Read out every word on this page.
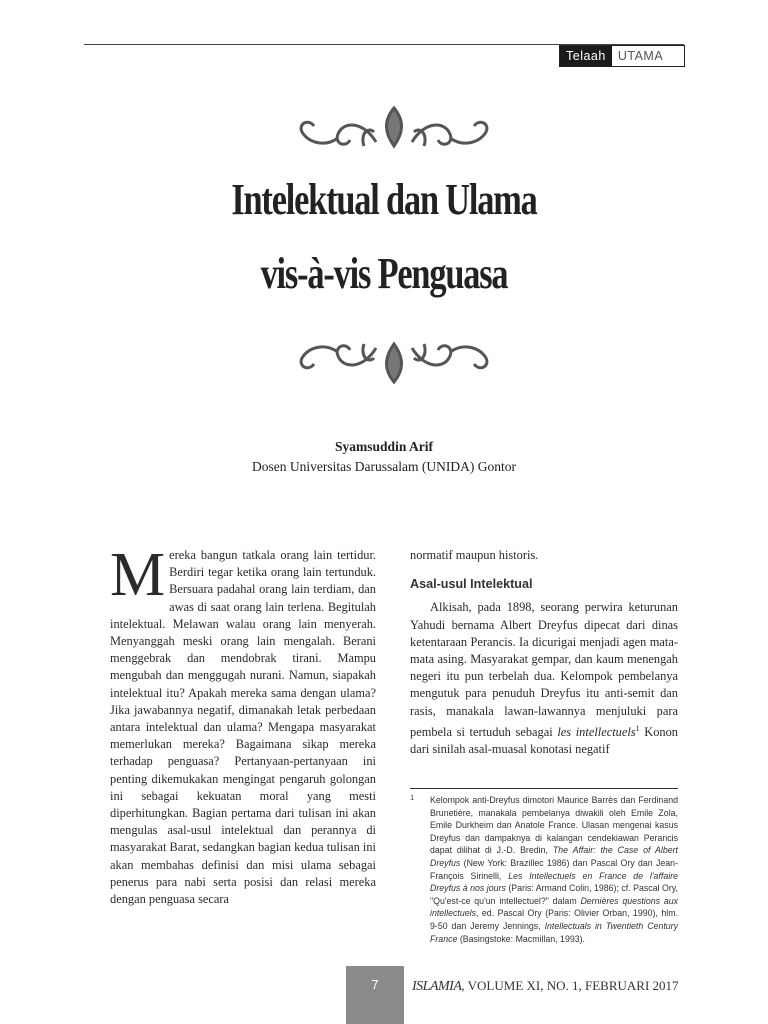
Telaah UTAMA
Intelektual dan Ulama
vis-à-vis Penguasa
Syamsuddin Arif
Dosen Universitas Darussalam (UNIDA) Gontor

Mereka bangun tatkala orang lain tertidur. Berdiri tegar ketika orang lain tertunduk. Bersuara padahal orang lain terdiam, dan awas di saat orang lain terlena. Begitulah intelektual. Melawan walau orang lain menyerah. Menyanggah meski orang lain mengalah. Berani menggebrak dan mendobrak tirani. Mampu mengubah dan menggugah nurani. Namun, siapakah intelektual itu? Apakah mereka sama dengan ulama? Jika jawabannya negatif, dimanakah letak perbedaan antara intelektual dan ulama? Mengapa masyarakat memerlukan mereka? Bagaimana sikap mereka terhadap penguasa? Pertanyaan-pertanyaan ini penting dikemukakan mengingat pengaruh golongan ini sebagai kekuatan moral yang mesti diperhitungkan. Bagian pertama dari tulisan ini akan mengulas asal-usul intelektual dan perannya di masyarakat Barat, sedangkan bagian kedua tulisan ini akan membahas definisi dan misi ulama sebagai penerus para nabi serta posisi dan relasi mereka dengan penguasa secara

normatif maupun historis.

Asal-usul Intelektual

Alkisah, pada 1898, seorang perwira keturunan Yahudi bernama Albert Dreyfus dipecat dari dinas ketentaraan Perancis. Ia dicurigai menjadi agen mata-mata asing. Masyarakat gempar, dan kaum menengah negeri itu pun terbelah dua. Kelompok pembelanya mengutuk para penuduh Dreyfus itu anti-semit dan rasis, manakala lawan-lawannya menjuluki para pembela si tertuduh sebagai les intellectuels$^1$ Konon dari sinilah asal-muasal konotasi negatif

1 Kelompok anti-Dreyfus dimotori Maurice Barrès dan Ferdinand Brunetière, manakala pembelanya diwakili oleh Emile Zola, Emile Durkheim dan Anatole France. Ulasan mengenai kasus Dreyfus dan dampaknya di kalangan cendekiawan Perancis dapat dilihat di J.-D. Bredin, The Affair: the Case of Albert Dreyfus (New York: Brazillec 1986) dan Pascal Ory dan Jean-François Sirinelli, Les Intellectuels en France de l'affaire Dreyfus à nos jours (Paris: Armand Colin, 1986); cf. Pascal Ory, "Qu'est-ce qu'un intellectuel?" dalam Dernières questions aux intellectuels, ed. Pascal Ory (Paris: Olivier Orban, 1990), hlm. 9-50 dan Jeremy Jennings, Intellectuals in Twentieth Century France (Basingstoke: Macmillan, 1993).
7	ISLAMIA, VOLUME XI, NO. 1, FEBRUARI 2017
